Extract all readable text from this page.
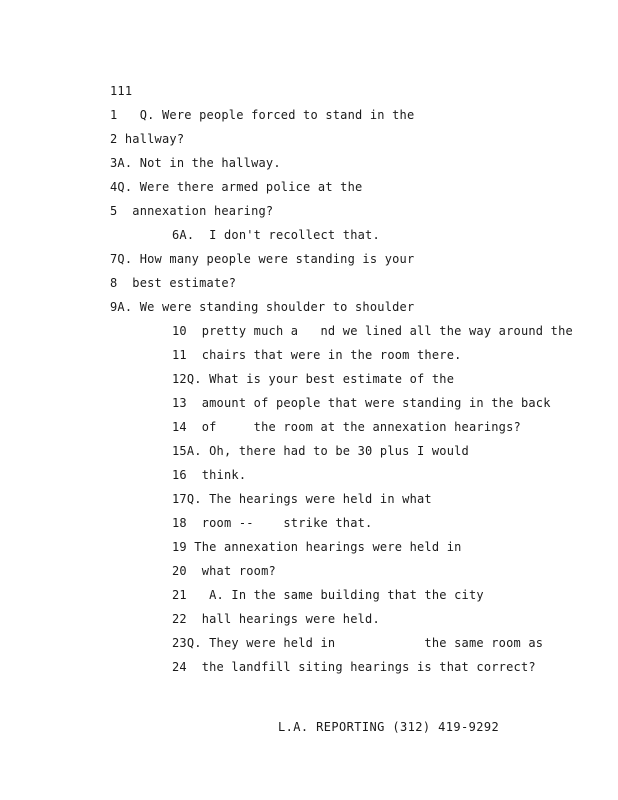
111
1   Q. Were people forced to stand in the
2 hallway?
3A. Not in the hallway.
4Q. Were there armed police at the
5  annexation hearing?
6A.  I don't recollect that.
7Q. How many people were standing is your
8  best estimate?
9A. We were standing shoulder to shoulder
10  pretty much a   nd we lined all the way around the
11  chairs that were in the room there.
12Q. What is your best estimate of the
13  amount of people that were standing in the back
14  of     the room at the annexation hearings?
15A. Oh, there had to be 30 plus I would
16  think.
17Q. The hearings were held in what
18  room --    strike that.
19 The annexation hearings were held in
20  what room?
21   A. In the same building that the city
22  hall hearings were held.
23Q. They were held in            the same room as
24  the landfill siting hearings is that correct?
L.A. REPORTING (312) 419-9292
